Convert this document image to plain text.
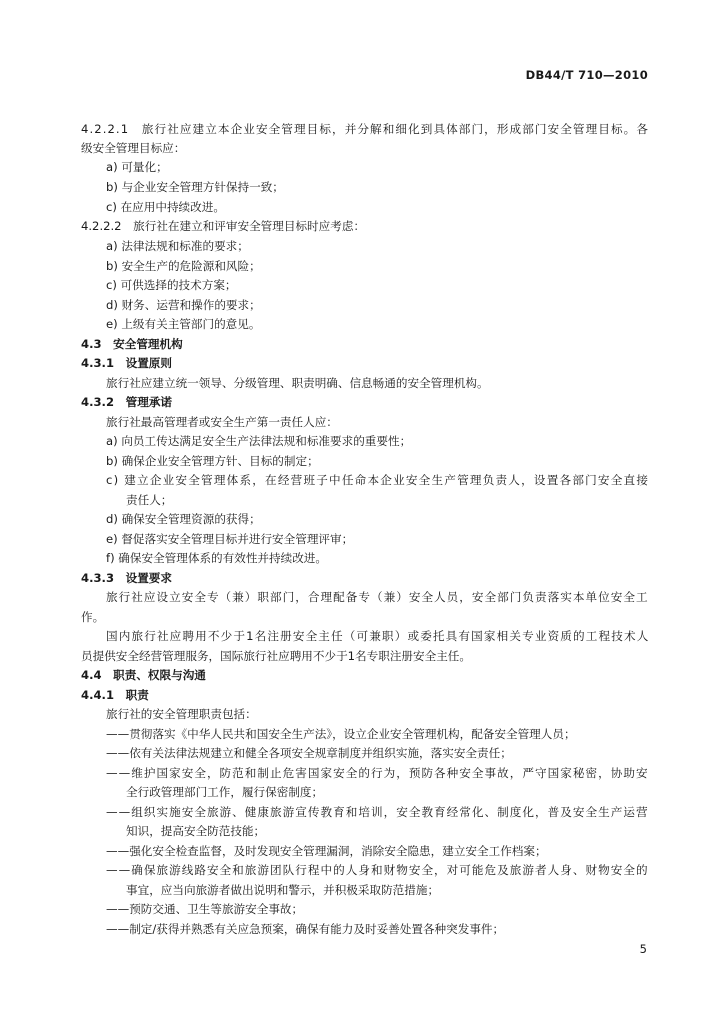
DB44/T 710—2010
4.2.2.1　旅行社应建立本企业安全管理目标，并分解和细化到具体部门，形成部门安全管理目标。各
级安全管理目标应：
a) 可量化；
b) 与企业安全管理方针保持一致；
c) 在应用中持续改进。
4.2.2.2　旅行社在建立和评审安全管理目标时应考虑：
a) 法律法规和标准的要求；
b) 安全生产的危险源和风险；
c) 可供选择的技术方案；
d) 财务、运营和操作的要求；
e) 上级有关主管部门的意见。
4.3　安全管理机构
4.3.1　设置原则
旅行社应建立统一领导、分级管理、职责明确、信息畅通的安全管理机构。
4.3.2　管理承诺
旅行社最高管理者或安全生产第一责任人应：
a) 向员工传达满足安全生产法律法规和标准要求的重要性；
b) 确保企业安全管理方针、目标的制定；
c) 建立企业安全管理体系，在经营班子中任命本企业安全生产管理负责人，设置各部门安全直接
责任人；
d) 确保安全管理资源的获得；
e) 督促落实安全管理目标并进行安全管理评审；
f) 确保安全管理体系的有效性并持续改进。
4.3.3　设置要求
旅行社应设立安全专（兼）职部门，合理配备专（兼）安全人员，安全部门负责落实本单位安全工
作。
国内旅行社应聘用不少于1名注册安全主任（可兼职）或委托具有国家相关专业资质的工程技术人
员提供安全经营管理服务，国际旅行社应聘用不少于1名专职注册安全主任。
4.4　职责、权限与沟通
4.4.1　职责
旅行社的安全管理职责包括：
——贯彻落实《中华人民共和国安全生产法》，设立企业安全管理机构，配备安全管理人员；
——依有关法律法规建立和健全各项安全规章制度并组织实施，落实安全责任；
——维护国家安全，防范和制止危害国家安全的行为，预防各种安全事故，严守国家秘密，协助安
全行政管理部门工作，履行保密制度；
——组织实施安全旅游、健康旅游宣传教育和培训，安全教育经常化、制度化，普及安全生产运营
知识，提高安全防范技能；
——强化安全检查监督，及时发现安全管理漏洞，消除安全隐患，建立安全工作档案；
——确保旅游线路安全和旅游团队行程中的人身和财物安全，对可能危及旅游者人身、财物安全的
事宜，应当向旅游者做出说明和警示，并积极采取防范措施；
——预防交通、卫生等旅游安全事故；
——制定/获得并熟悉有关应急预案，确保有能力及时妥善处置各种突发事件；
5
